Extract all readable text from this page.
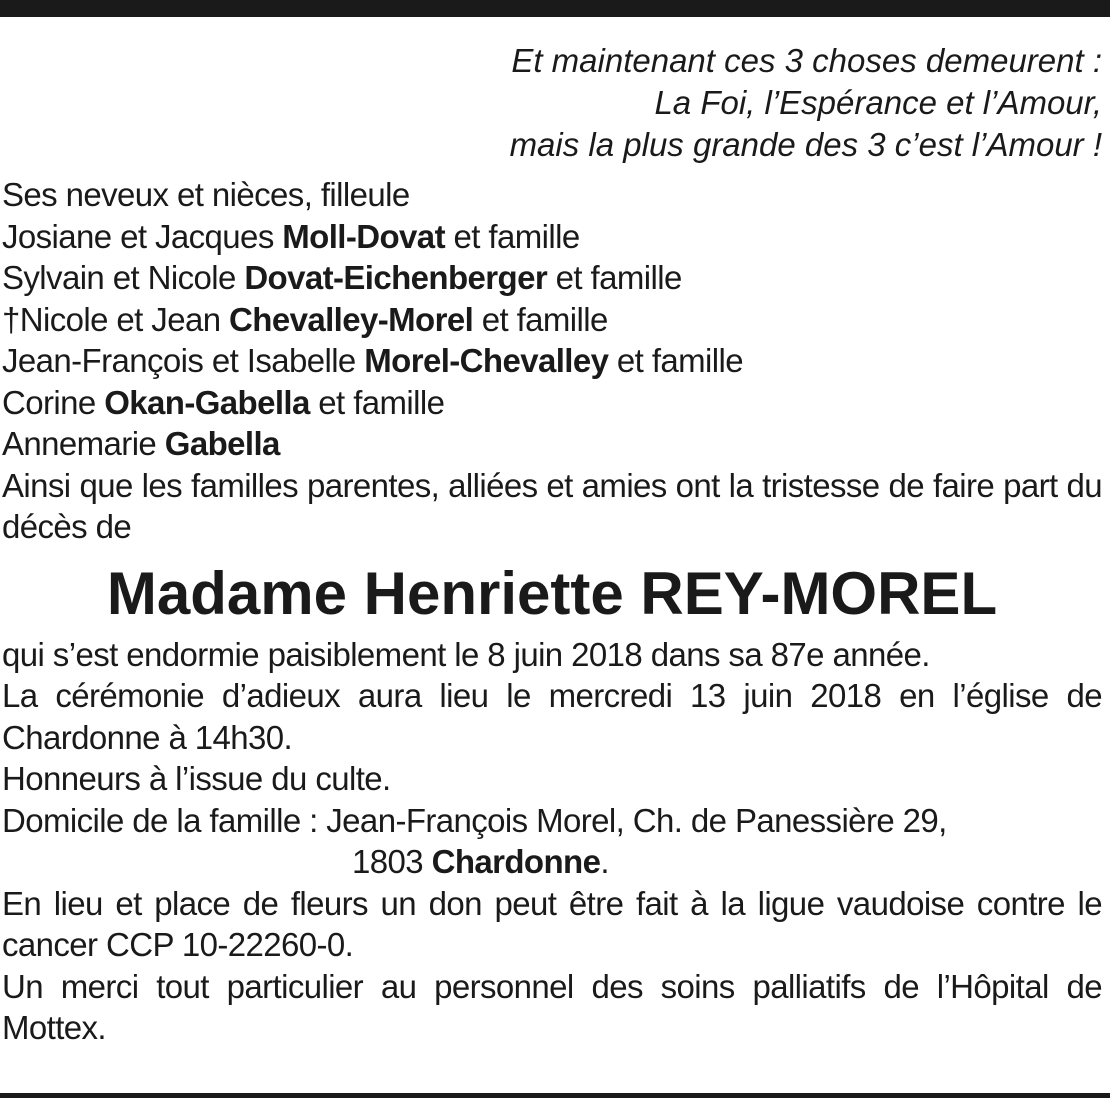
Et maintenant ces 3 choses demeurent :
La Foi, l’Espérance et l’Amour,
mais la plus grande des 3 c’est l’Amour !

Ses neveux et nièces, filleule
Josiane et Jacques Moll-Dovat et famille
Sylvain et Nicole Dovat-Eichenberger et famille
†Nicole et Jean Chevalley-Morel et famille
Jean-François et Isabelle Morel-Chevalley et famille
Corine Okan-Gabella et famille
Annemarie Gabella
Ainsi que les familles parentes, alliées et amies ont la tristesse de faire part du décès de
Madame Henriette REY-MOREL
qui s’est endormie paisiblement le 8 juin 2018 dans sa 87e année.
La cérémonie d’adieux aura lieu le mercredi 13 juin 2018 en l’église de Chardonne à 14h30.
Honneurs à l’issue du culte.
Domicile de la famille : Jean-François Morel, Ch. de Panessière 29,
1803 Chardonne.
En lieu et place de fleurs un don peut être fait à la ligue vaudoise contre le cancer CCP 10-22260-0.
Un merci tout particulier au personnel des soins palliatifs de l’Hôpital de Mottex.
